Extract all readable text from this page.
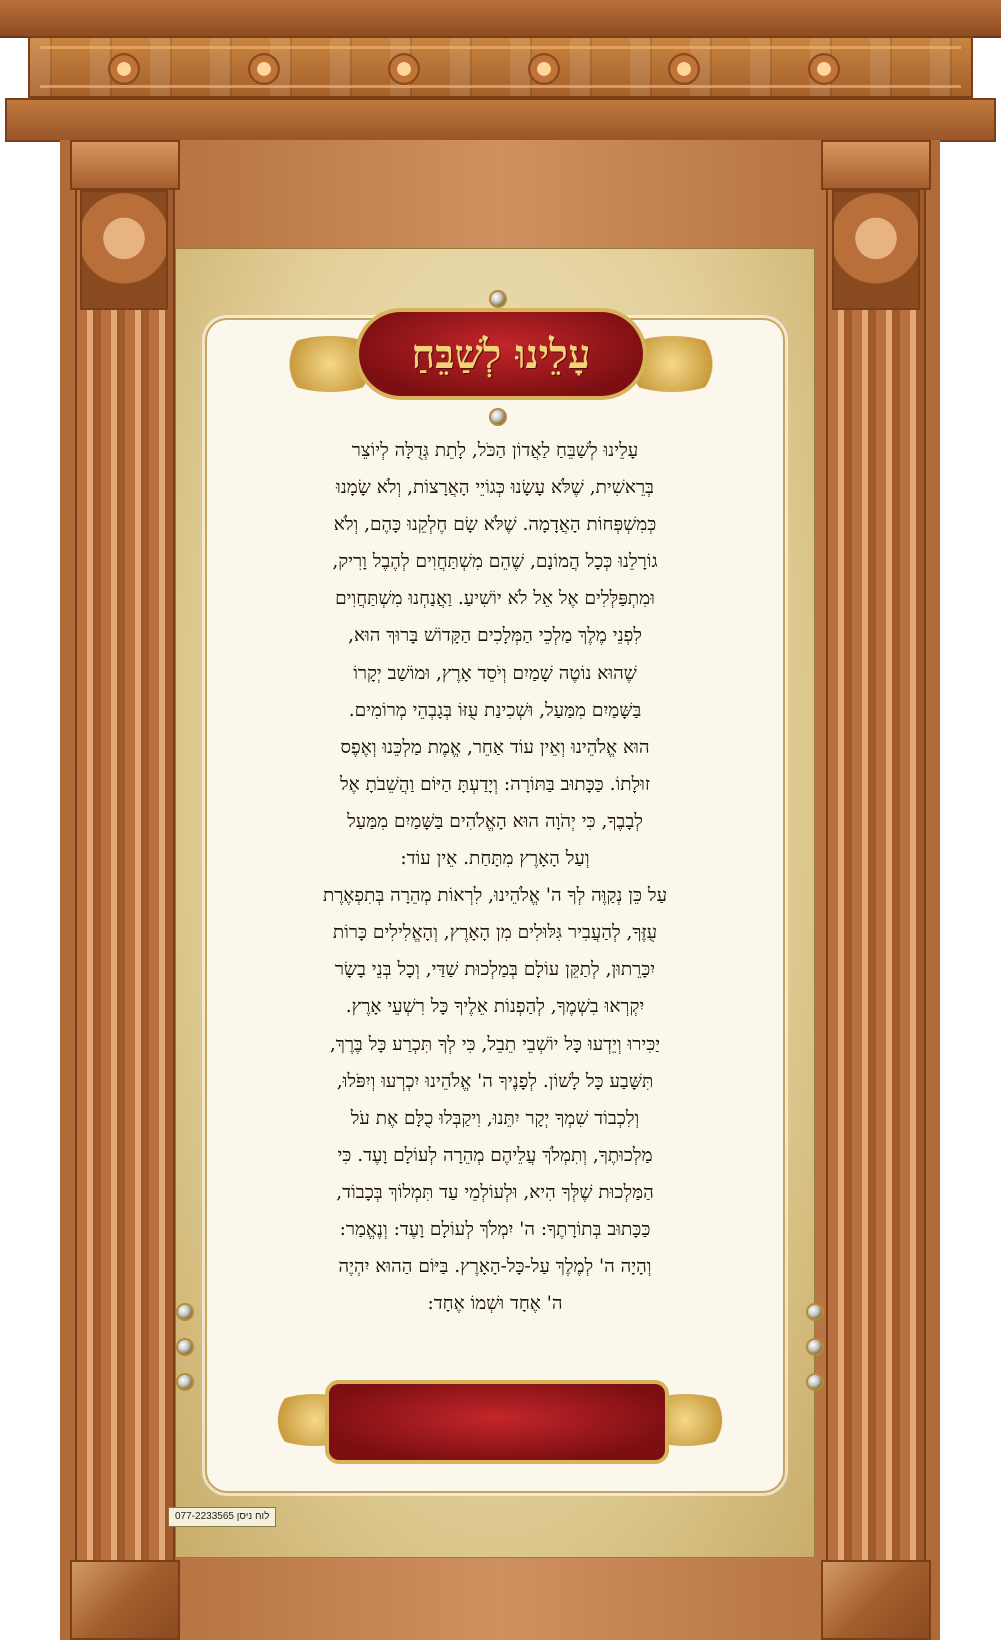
עָלֵינוּ לְשַׁבֵּחַ

עָלֵינוּ לְשַׁבֵּחַ לַאֲדוֹן הַכֹּל, לָתֵת גְּדֻלָּה לְיוֹצֵר

בְּרֵאשִׁית, שֶׁלֹּא עָשָׂנוּ כְּגוֹיֵי הָאֲרָצוֹת, וְלֹא שָׂמָנוּ

כְּמִשְׁפְּחוֹת הָאֲדָמָה. שֶׁלֹּא שָׂם חֶלְקֵנוּ כָּהֶם, וְלֹא

גוֹרָלֵנוּ כְּכָל הֲמוֹנָם, שֶׁהֵם מִשְׁתַּחֲוִים לְהֶבֶל וָרִיק,

וּמִתְפַּלְּלִים אֶל אֵל לֹא יוֹשִׁיעַ. וַאֲנַחְנוּ מִשְׁתַּחֲוִים

לִפְנֵי מֶלֶךְ מַלְכֵי הַמְּלָכִים הַקָּדוֹשׁ בָּרוּךְ הוּא,

שֶׁהוּא נוֹטֶה שָׁמַיִם וְיֹסֵד אָרֶץ, וּמוֹשַׁב יְקָרוֹ

בַּשָּׁמַיִם מִמַּעַל, וּשְׁכִינַת עֻזּוֹ בְּגָבְהֵי מְרוֹמִים.

הוּא אֱלֹהֵינוּ וְאֵין עוֹד אַחֵר, אֱמֶת מַלְכֵּנוּ וְאֶפֶס

זוּלָתוֹ. כַּכָּתוּב בַּתּוֹרָה: וְיָדַעְתָּ הַיּוֹם וַהֲשֵׁבֹתָ אֶל

לְבָבֶךָ, כִּי יְהֹוָה הוּא הָאֱלֹהִים בַּשָּׁמַיִם מִמַּעַל

וְעַל הָאָרֶץ מִתָּחַת. אֵין עוֹד:

עַל כֵּן נְקַוֶּה לְךָ ה' אֱלֹהֵינוּ, לִרְאוֹת מְהֵרָה בְּתִפְאֶרֶת

עֻזֶּךָ, לְהַעֲבִיר גִּלּוּלִים מִן הָאָרֶץ, וְהָאֱלִילִים כָּרוֹת

יִכָּרֵתוּן, לְתַקֵּן עוֹלָם בְּמַלְכוּת שַׁדַּי, וְכָל בְּנֵי בָשָׂר

יִקְרְאוּ בִשְׁמֶךָ, לְהַפְנוֹת אֵלֶיךָ כָּל רִשְׁעֵי אָרֶץ.

יַכִּירוּ וְיֵדְעוּ כָּל יוֹשְׁבֵי תֵבֵל, כִּי לְךָ תִּכְרַע כָּל בֶּרֶךְ,

תִּשָּׁבַע כָּל לָשׁוֹן. לְפָנֶיךָ ה' אֱלֹהֵינוּ יִכְרְעוּ וְיִפֹּלוּ,

וְלִכְבוֹד שִׁמְךָ יְקָר יִתֵּנוּ, וִיקַבְּלוּ כֻלָּם אֶת עֹל

מַלְכוּתֶךָ, וְתִמְלֹךְ עֲלֵיהֶם מְהֵרָה לְעוֹלָם וָעֶד. כִּי

הַמַּלְכוּת שֶׁלְּךָ הִיא, וּלְעוֹלְמֵי עַד תִּמְלוֹךְ בְּכָבוֹד,

כַּכָּתוּב בְּתוֹרָתֶךָ: ה' יִמְלֹךְ לְעוֹלָם וָעֶד: וְנֶאֱמַר:

וְהָיָה ה' לְמֶלֶךְ עַל-כָּל-הָאָרֶץ. בַּיּוֹם הַהוּא יִהְיֶה

ה' אֶחָד וּשְׁמוֹ אֶחָד:

077-2233565 לוח ניסן
